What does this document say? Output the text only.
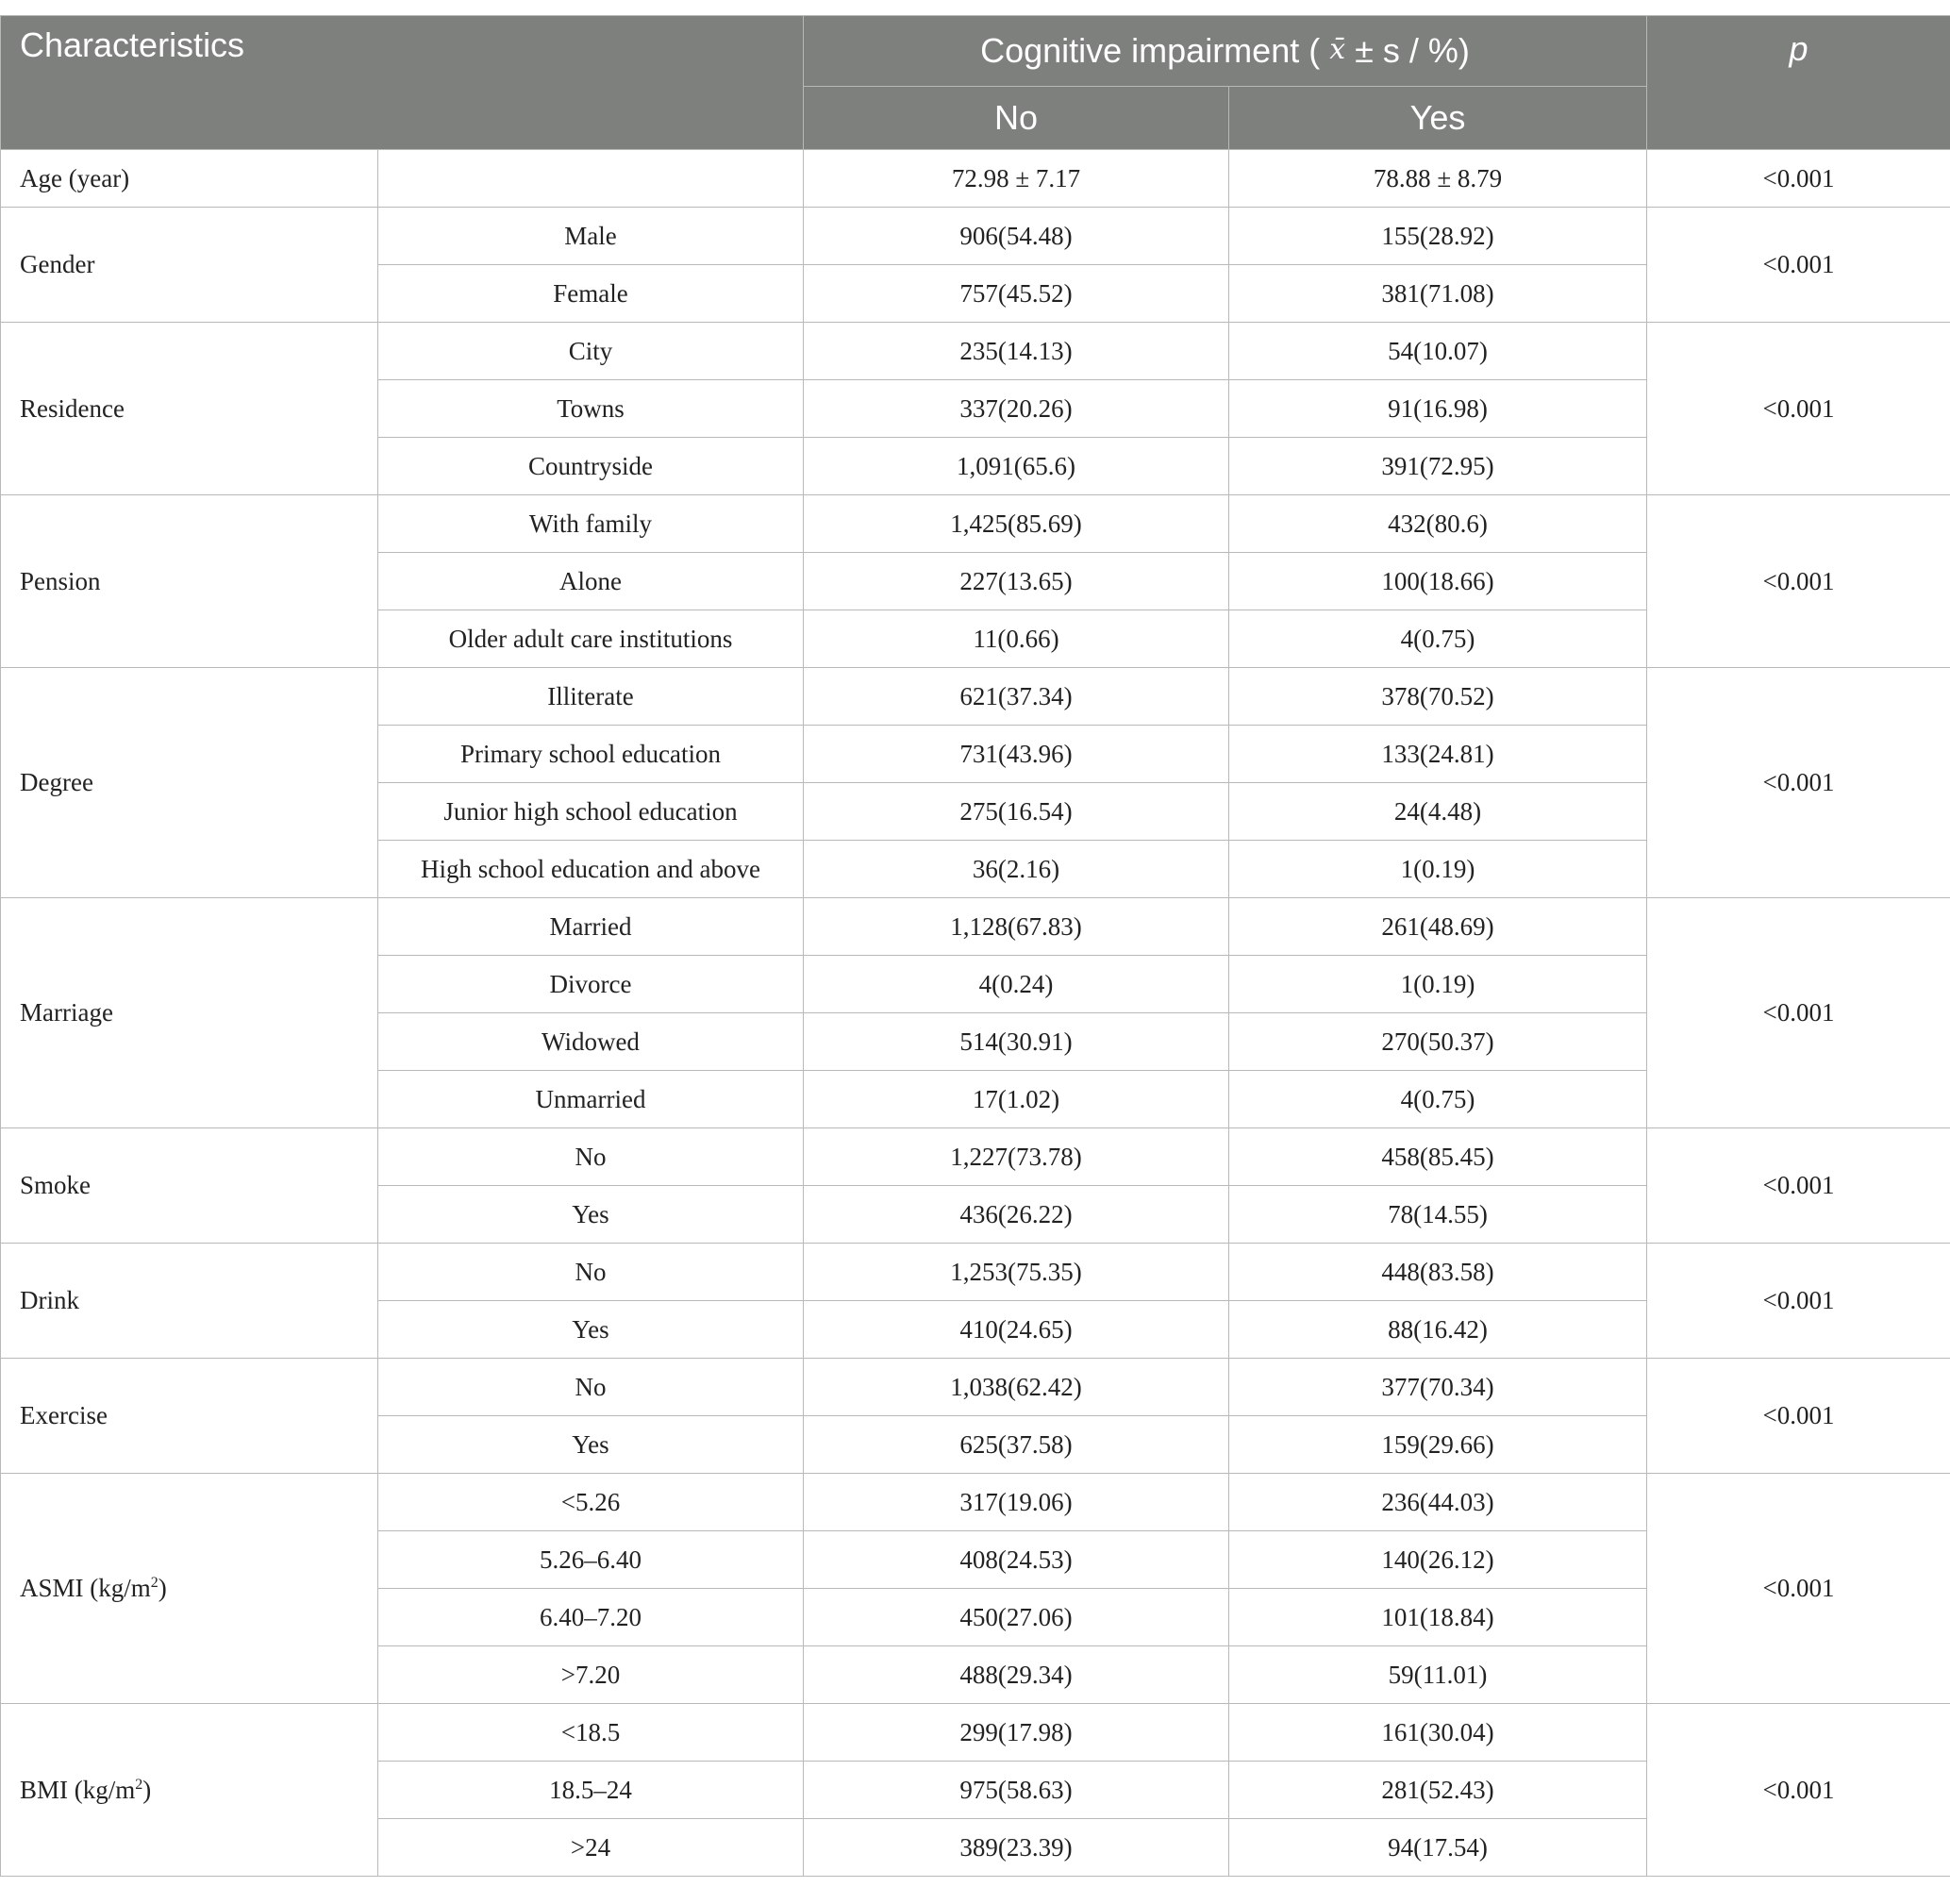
Characteristics		Cognitive impairment ( x̄ ± s / %)		p
		No	Yes	
Age (year)		72.98 ± 7.17	78.88 ± 8.79	<0.001
Gender	Male	906(54.48)	155(28.92)	<0.001
	Female	757(45.52)	381(71.08)	
Residence	City	235(14.13)	54(10.07)	<0.001
	Towns	337(20.26)	91(16.98)	
	Countryside	1,091(65.6)	391(72.95)	
Pension	With family	1,425(85.69)	432(80.6)	<0.001
	Alone	227(13.65)	100(18.66)	
	Older adult care institutions	11(0.66)	4(0.75)	
Degree	Illiterate	621(37.34)	378(70.52)	<0.001
	Primary school education	731(43.96)	133(24.81)	
	Junior high school education	275(16.54)	24(4.48)	
	High school education and above	36(2.16)	1(0.19)	
Marriage	Married	1,128(67.83)	261(48.69)	<0.001
	Divorce	4(0.24)	1(0.19)	
	Widowed	514(30.91)	270(50.37)	
	Unmarried	17(1.02)	4(0.75)	
Smoke	No	1,227(73.78)	458(85.45)	<0.001
	Yes	436(26.22)	78(14.55)	
Drink	No	1,253(75.35)	448(83.58)	<0.001
	Yes	410(24.65)	88(16.42)	
Exercise	No	1,038(62.42)	377(70.34)	<0.001
	Yes	625(37.58)	159(29.66)	
ASMI $(kg/m^2)$	<5.26	317(19.06)	236(44.03)	<0.001
	5.26–6.40	408(24.53)	140(26.12)	
	6.40–7.20	450(27.06)	101(18.84)	
	>7.20	488(29.34)	59(11.01)	
BMI $(kg/m^2)$	<18.5	299(17.98)	161(30.04)	<0.001
	18.5–24	975(58.63)	281(52.43)	
	>24	389(23.39)	94(17.54)	
